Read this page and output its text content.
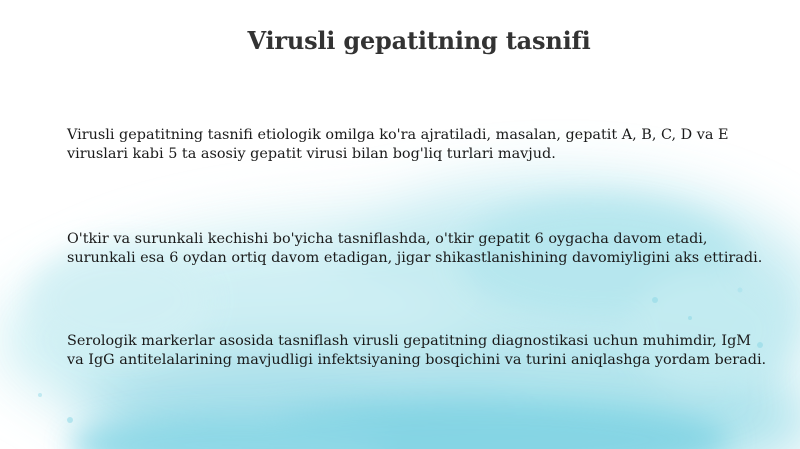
Virusli gepatitning tasnifi

Virusli gepatitning tasnifi etiologik omilga ko'ra ajratiladi, masalan, gepatit A, B, C, D va E viruslari kabi 5 ta asosiy gepatit virusi bilan bog'liq turlari mavjud.

O'tkir va surunkali kechishi bo'yicha tasniflashda, o'tkir gepatit 6 oygacha davom etadi, surunkali esa 6 oydan ortiq davom etadigan, jigar shikastlanishining davomiyligini aks ettiradi.

Serologik markerlar asosida tasniflash virusli gepatitning diagnostikasi uchun muhimdir, IgM va IgG antitelalarining mavjudligi infektsiyaning bosqichini va turini aniqlashga yordam beradi.
